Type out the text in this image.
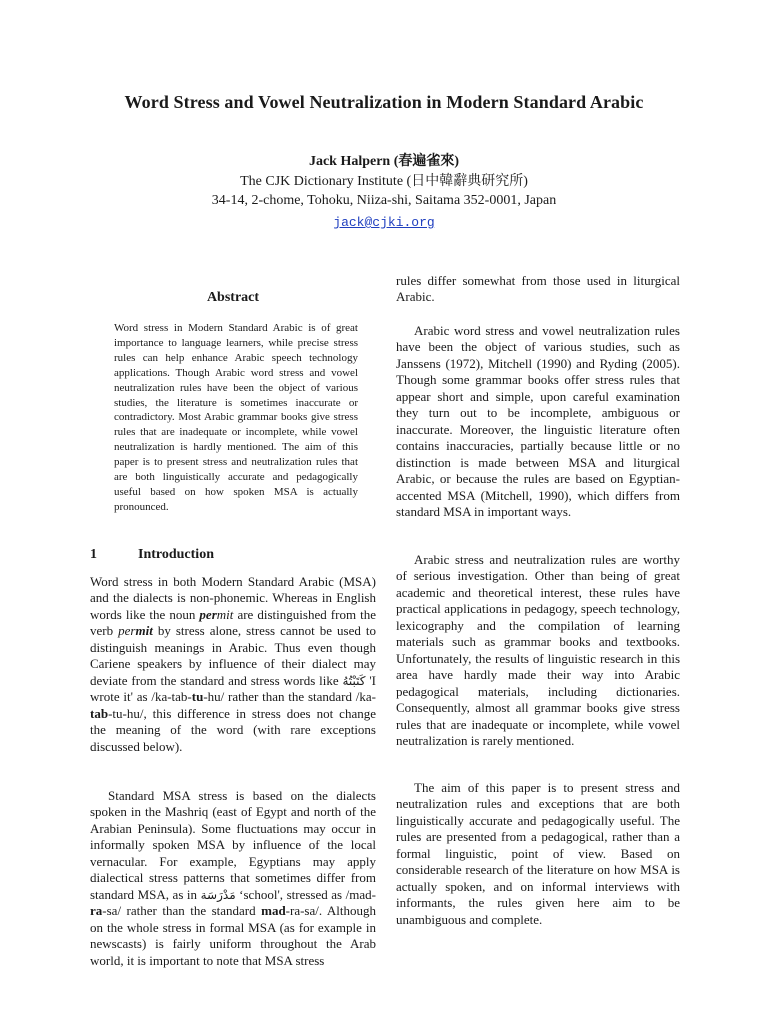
Word Stress and Vowel Neutralization in Modern Standard Arabic
Jack Halpern (春遍雀來)
The CJK Dictionary Institute (日中韓辭典研究所)
34-14, 2-chome, Tohoku, Niiza-shi, Saitama 352-0001, Japan
jack@cjki.org
Abstract

Word stress in Modern Standard Arabic is of great importance to language learners, while precise stress rules can help enhance Arabic speech technology applications. Though Arabic word stress and vowel neutralization rules have been the object of various studies, the literature is sometimes inaccurate or contradictory. Most Arabic grammar books give stress rules that are inadequate or incomplete, while vowel neutralization is hardly mentioned. The aim of this paper is to present stress and neutralization rules that are both linguistically accurate and pedagogically useful based on how spoken MSA is actually pronounced.

1	Introduction

Word stress in both Modern Standard Arabic (MSA) and the dialects is non-phonemic. Whereas in English words like the noun permit are distinguished from the verb permit by stress alone, stress cannot be used to distinguish meanings in Arabic. Thus even though Cariene speakers by influence of their dialect may deviate from the standard and stress words like كَتَبْتُهُ 'I wrote it' as /ka-tab-tu-hu/ rather than the standard /ka-tab-tu-hu/, this difference in stress does not change the meaning of the word (with rare exceptions discussed below).

Standard MSA stress is based on the dialects spoken in the Mashriq (east of Egypt and north of the Arabian Peninsula). Some fluctuations may occur in informally spoken MSA by influence of the local vernacular. For example, Egyptians may apply dialectical stress patterns that sometimes differ from standard MSA, as in مَدْرَسَة ‘school', stressed as /mad-ra-sa/ rather than the standard mad-ra-sa/. Although on the whole stress in formal MSA (as for example in newscasts) is fairly uniform throughout the Arab world, it is important to note that MSA stress

rules differ somewhat from those used in liturgical Arabic.

Arabic word stress and vowel neutralization rules have been the object of various studies, such as Janssens (1972), Mitchell (1990) and Ryding (2005). Though some grammar books offer stress rules that appear short and simple, upon careful examination they turn out to be incomplete, ambiguous or inaccurate. Moreover, the linguistic literature often contains inaccuracies, partially because little or no distinction is made between MSA and liturgical Arabic, or because the rules are based on Egyptian-accented MSA (Mitchell, 1990), which differs from standard MSA in important ways.

Arabic stress and neutralization rules are worthy of serious investigation. Other than being of great academic and theoretical interest, these rules have practical applications in pedagogy, speech technology, lexicography and the compilation of learning materials such as grammar books and textbooks. Unfortunately, the results of linguistic research in this area have hardly made their way into Arabic pedagogical materials, including dictionaries. Consequently, almost all grammar books give stress rules that are inadequate or incomplete, while vowel neutralization is rarely mentioned.

The aim of this paper is to present stress and neutralization rules and exceptions that are both linguistically accurate and pedagogically useful. The rules are presented from a pedagogical, rather than a formal linguistic, point of view. Based on considerable research of the literature on how MSA is actually spoken, and on informal interviews with informants, the rules given here aim to be unambiguous and complete.
